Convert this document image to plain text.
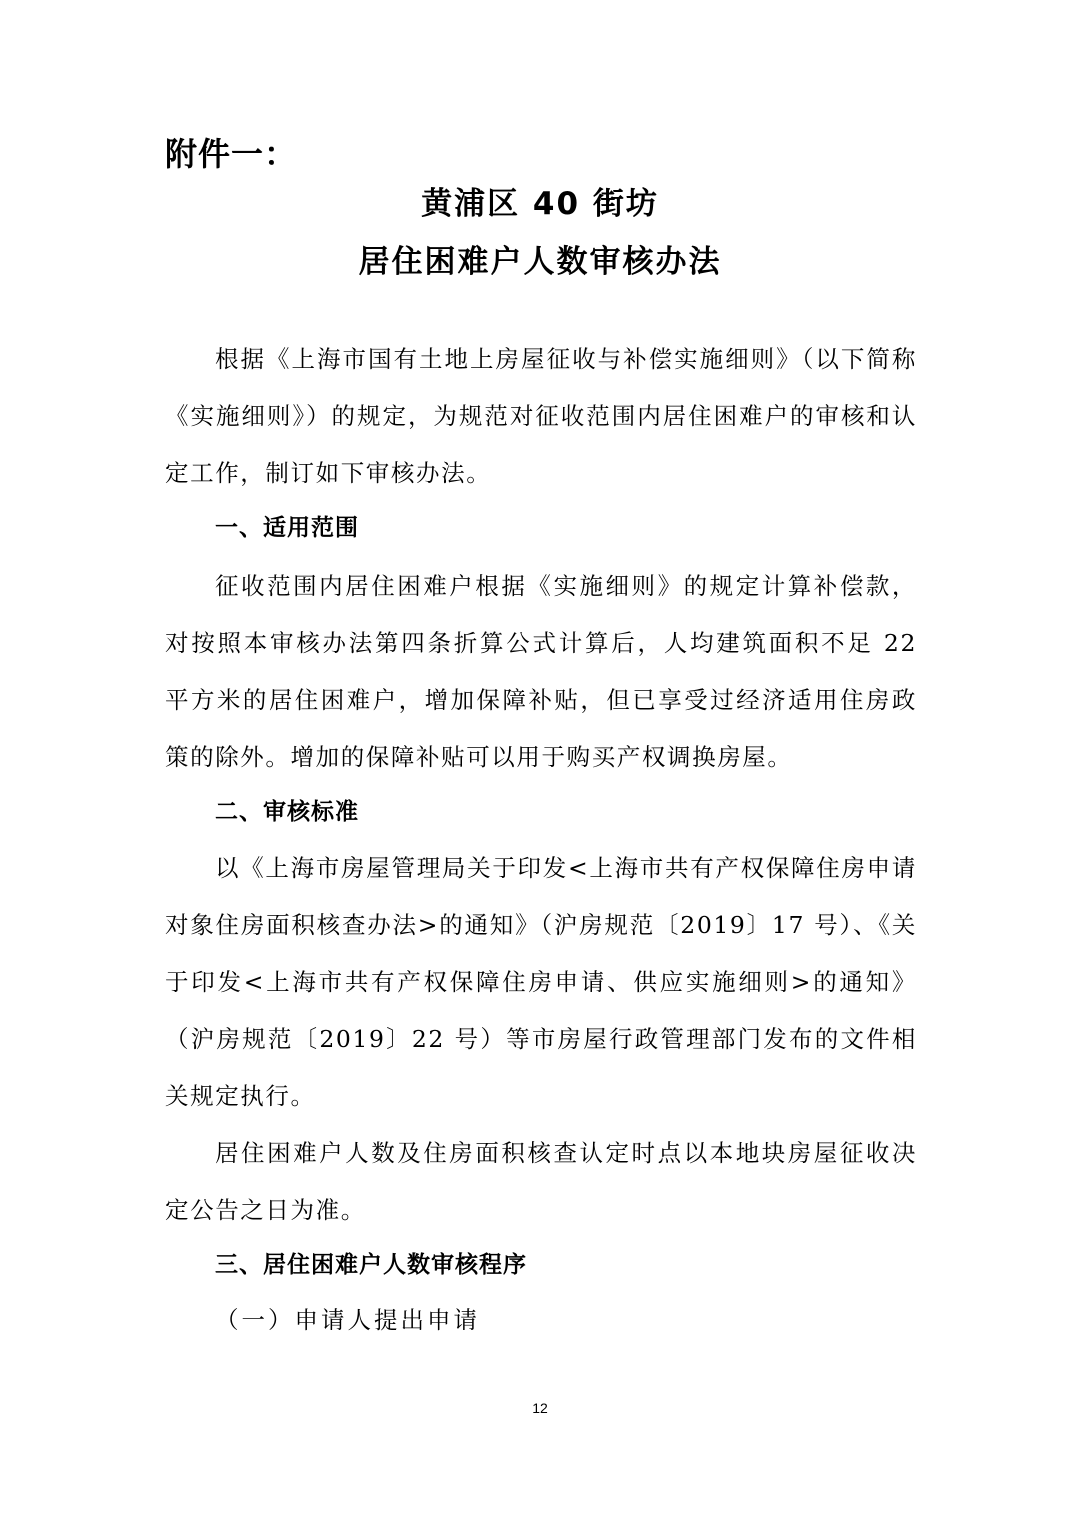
附件一：
黄浦区 40 街坊
居住困难户人数审核办法
根据《上海市国有土地上房屋征收与补偿实施细则》（以下简称《实施细则》）的规定，为规范对征收范围内居住困难户的审核和认定工作，制订如下审核办法。
一、适用范围
征收范围内居住困难户根据《实施细则》的规定计算补偿款，对按照本审核办法第四条折算公式计算后，人均建筑面积不足 22 平方米的居住困难户，增加保障补贴，但已享受过经济适用住房政策的除外。增加的保障补贴可以用于购买产权调换房屋。
二、审核标准
以《上海市房屋管理局关于印发<上海市共有产权保障住房申请对象住房面积核查办法>的通知》（沪房规范〔2019〕17 号）、《关于印发<上海市共有产权保障住房申请、供应实施细则>的通知》（沪房规范〔2019〕22 号）等市房屋行政管理部门发布的文件相关规定执行。
居住困难户人数及住房面积核查认定时点以本地块房屋征收决定公告之日为准。
三、居住困难户人数审核程序
（一）申请人提出申请
12
